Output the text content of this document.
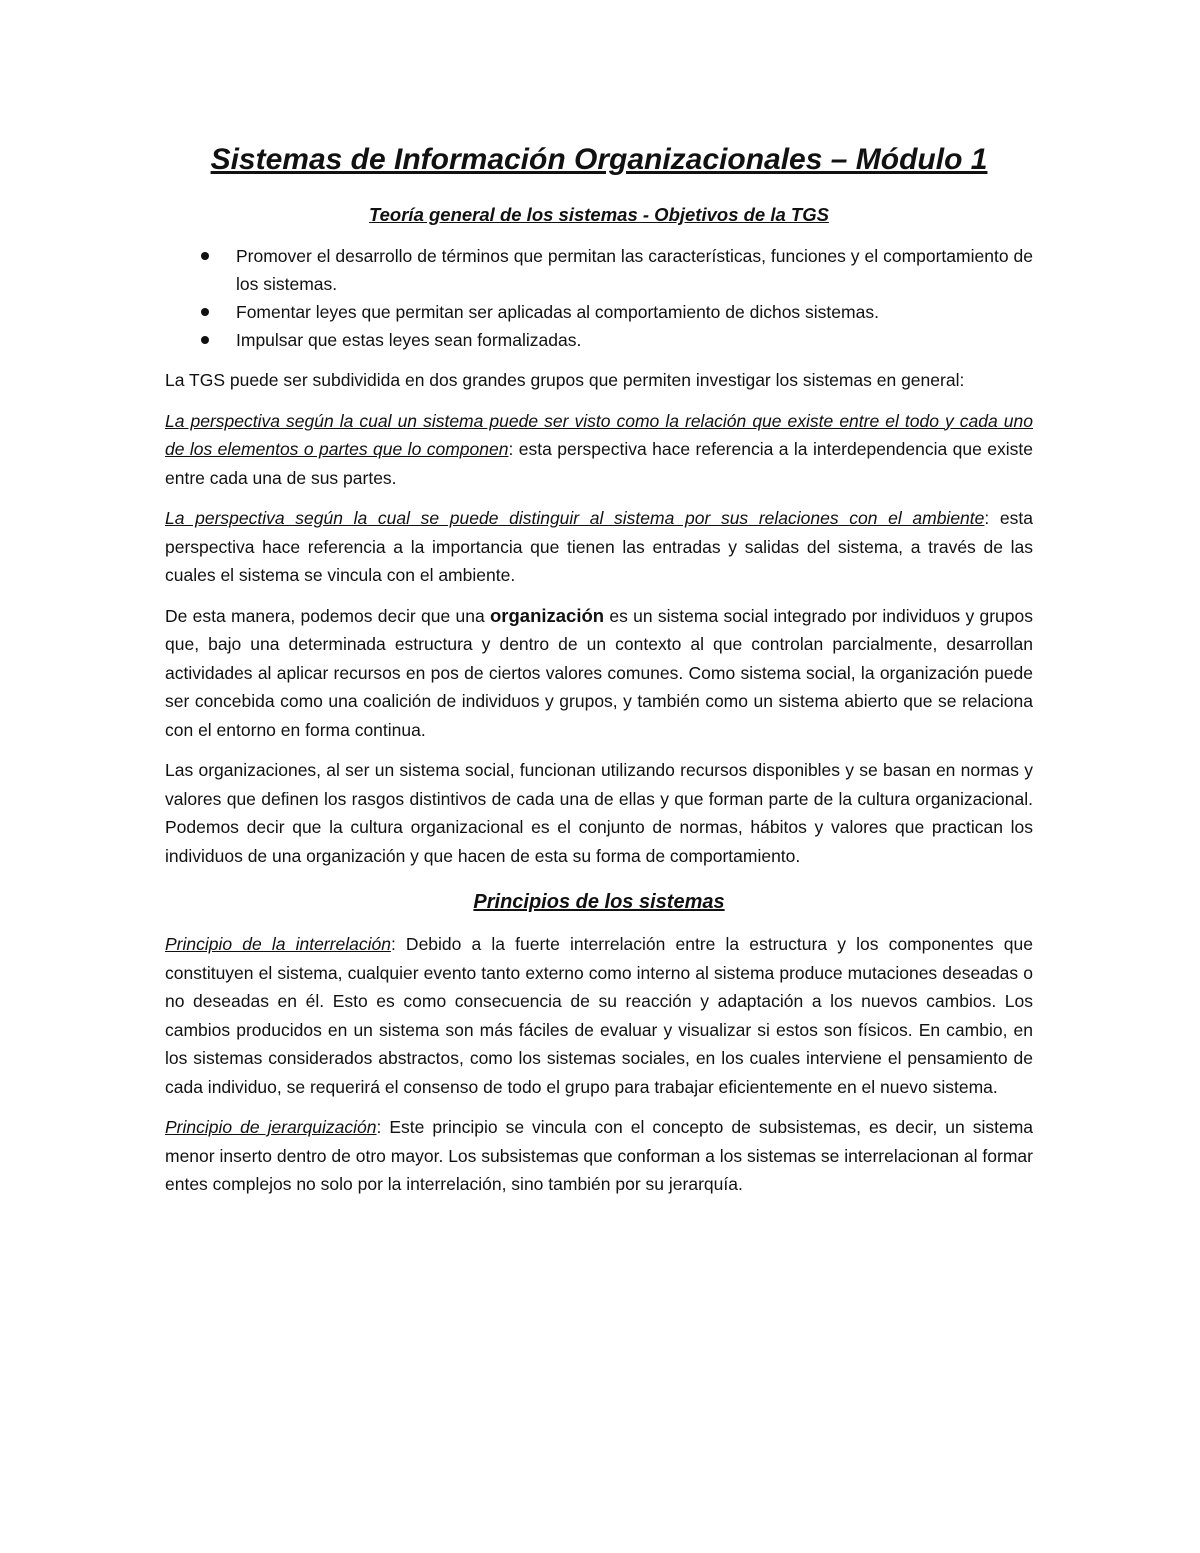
Sistemas de Información Organizacionales – Módulo 1
Teoría general de los sistemas - Objetivos de la TGS
Promover el desarrollo de términos que permitan las características, funciones y el comportamiento de los sistemas.
Fomentar leyes que permitan ser aplicadas al comportamiento de dichos sistemas.
Impulsar que estas leyes sean formalizadas.

La TGS puede ser subdividida en dos grandes grupos que permiten investigar los sistemas en general:

La perspectiva según la cual un sistema puede ser visto como la relación que existe entre el todo y cada uno de los elementos o partes que lo componen: esta perspectiva hace referencia a la interdependencia que existe entre cada una de sus partes.

La perspectiva según la cual se puede distinguir al sistema por sus relaciones con el ambiente: esta perspectiva hace referencia a la importancia que tienen las entradas y salidas del sistema, a través de las cuales el sistema se vincula con el ambiente.

De esta manera, podemos decir que una organización es un sistema social integrado por individuos y grupos que, bajo una determinada estructura y dentro de un contexto al que controlan parcialmente, desarrollan actividades al aplicar recursos en pos de ciertos valores comunes. Como sistema social, la organización puede ser concebida como una coalición de individuos y grupos, y también como un sistema abierto que se relaciona con el entorno en forma continua.

Las organizaciones, al ser un sistema social, funcionan utilizando recursos disponibles y se basan en normas y valores que definen los rasgos distintivos de cada una de ellas y que forman parte de la cultura organizacional. Podemos decir que la cultura organizacional es el conjunto de normas, hábitos y valores que practican los individuos de una organización y que hacen de esta su forma de comportamiento.

Principios de los sistemas

Principio de la interrelación: Debido a la fuerte interrelación entre la estructura y los componentes que constituyen el sistema, cualquier evento tanto externo como interno al sistema produce mutaciones deseadas o no deseadas en él. Esto es como consecuencia de su reacción y adaptación a los nuevos cambios. Los cambios producidos en un sistema son más fáciles de evaluar y visualizar si estos son físicos. En cambio, en los sistemas considerados abstractos, como los sistemas sociales, en los cuales interviene el pensamiento de cada individuo, se requerirá el consenso de todo el grupo para trabajar eficientemente en el nuevo sistema.

Principio de jerarquización: Este principio se vincula con el concepto de subsistemas, es decir, un sistema menor inserto dentro de otro mayor. Los subsistemas que conforman a los sistemas se interrelacionan al formar entes complejos no solo por la interrelación, sino también por su jerarquía.
